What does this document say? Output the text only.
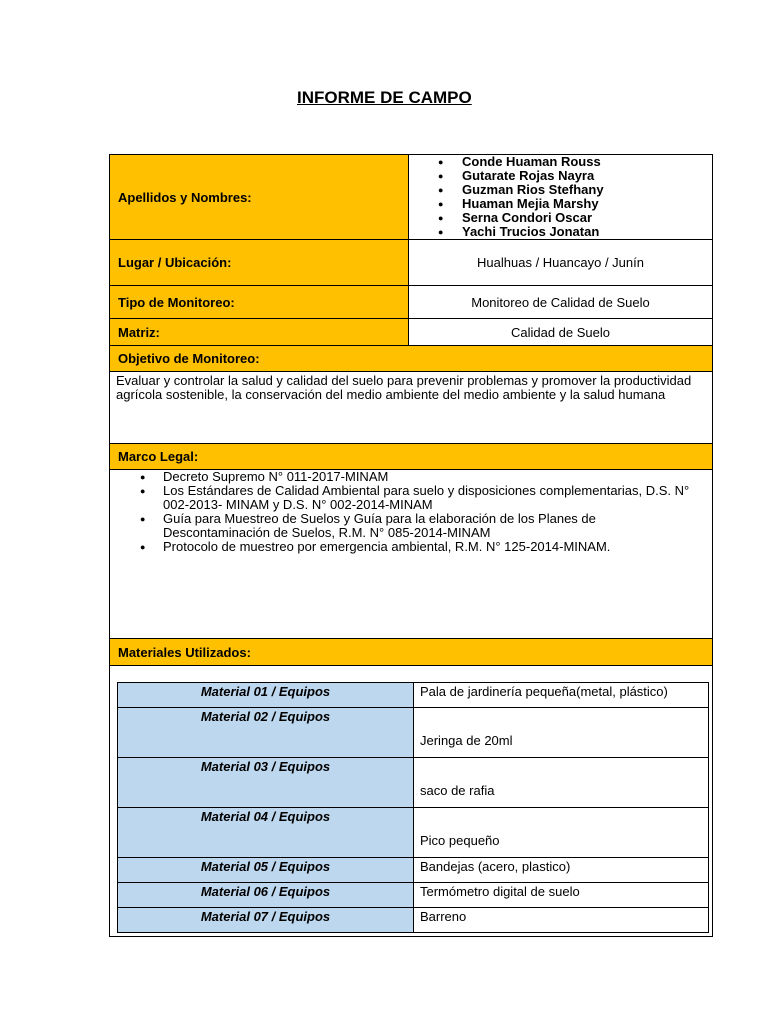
INFORME DE CAMPO
Apellidos y Nombres:
● Conde Huaman Rouss
● Gutarate Rojas Nayra
● Guzman Rios Stefhany
● Huaman Mejia Marshy
● Serna Condori Oscar
● Yachi Trucios Jonatan
Lugar / Ubicación:	Hualhuas / Huancayo / Junín
Tipo de Monitoreo:	Monitoreo de Calidad de Suelo
Matriz:	Calidad de Suelo
Objetivo de Monitoreo:
Evaluar y controlar la salud y calidad del suelo para prevenir problemas y promover la productividad agrícola sostenible, la conservación del medio ambiente del medio ambiente y la salud humana
Marco Legal:
● Decreto Supremo N° 011-2017-MINAM
● Los Estándares de Calidad Ambiental para suelo y disposiciones complementarias, D.S. N° 002-2013- MINAM y D.S. N° 002-2014-MINAM
● Guía para Muestreo de Suelos y Guía para la elaboración de los Planes de Descontaminación de Suelos, R.M. N° 085-2014-MINAM
● Protocolo de muestreo por emergencia ambiental, R.M. N° 125-2014-MINAM.
Materiales Utilizados:
Material 01 / Equipos	Pala de jardinería pequeña(metal, plástico)
Material 02 / Equipos	Jeringa de 20ml
Material 03 / Equipos	saco de rafia
Material 04 / Equipos	Pico pequeño
Material 05 / Equipos	Bandejas (acero, plastico)
Material 06 / Equipos	Termómetro digital de suelo
Material 07 / Equipos	Barreno
